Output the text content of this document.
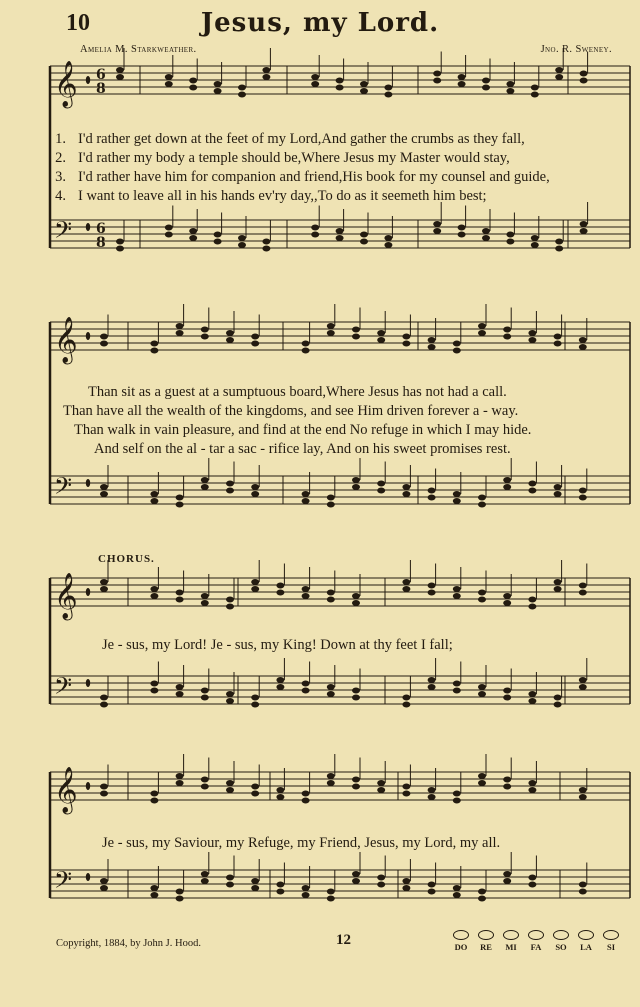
10	Jesus, my Lord.
Amelia M. Starkweather.	Jno. R. Sweney.
𝄞
𝄢
6
8
6
8
𝄞
𝄢
𝄞
𝄢
𝄞
𝄢
1. I'd rather get down at the feet of my Lord,And gather the crumbs as they fall,
2. I'd rather my body a temple should be,Where Jesus my Master would stay,
3. I'd rather have him for companion and friend,His book for my counsel and guide,
4. I want to leave all in his hands ev'ry day,,To do as it seemeth him best;
Than sit as a guest at a sumptuous board,Where Jesus has not had a call.
Than have all the wealth of the kingdoms, and see Him driven forever a - way.
Than walk in vain pleasure, and find at the end No refuge in which I may hide.
And self on the al - tar a sac - rifice lay, And on his sweet promises rest.
CHORUS.
Je - sus, my Lord! Je - sus, my King! Down at thy feet I fall;
Je - sus, my Saviour, my Refuge, my Friend, Jesus, my Lord, my all.
Copyright, 1884, by John J. Hood.	12	DO RE MI FA SO LA SI
